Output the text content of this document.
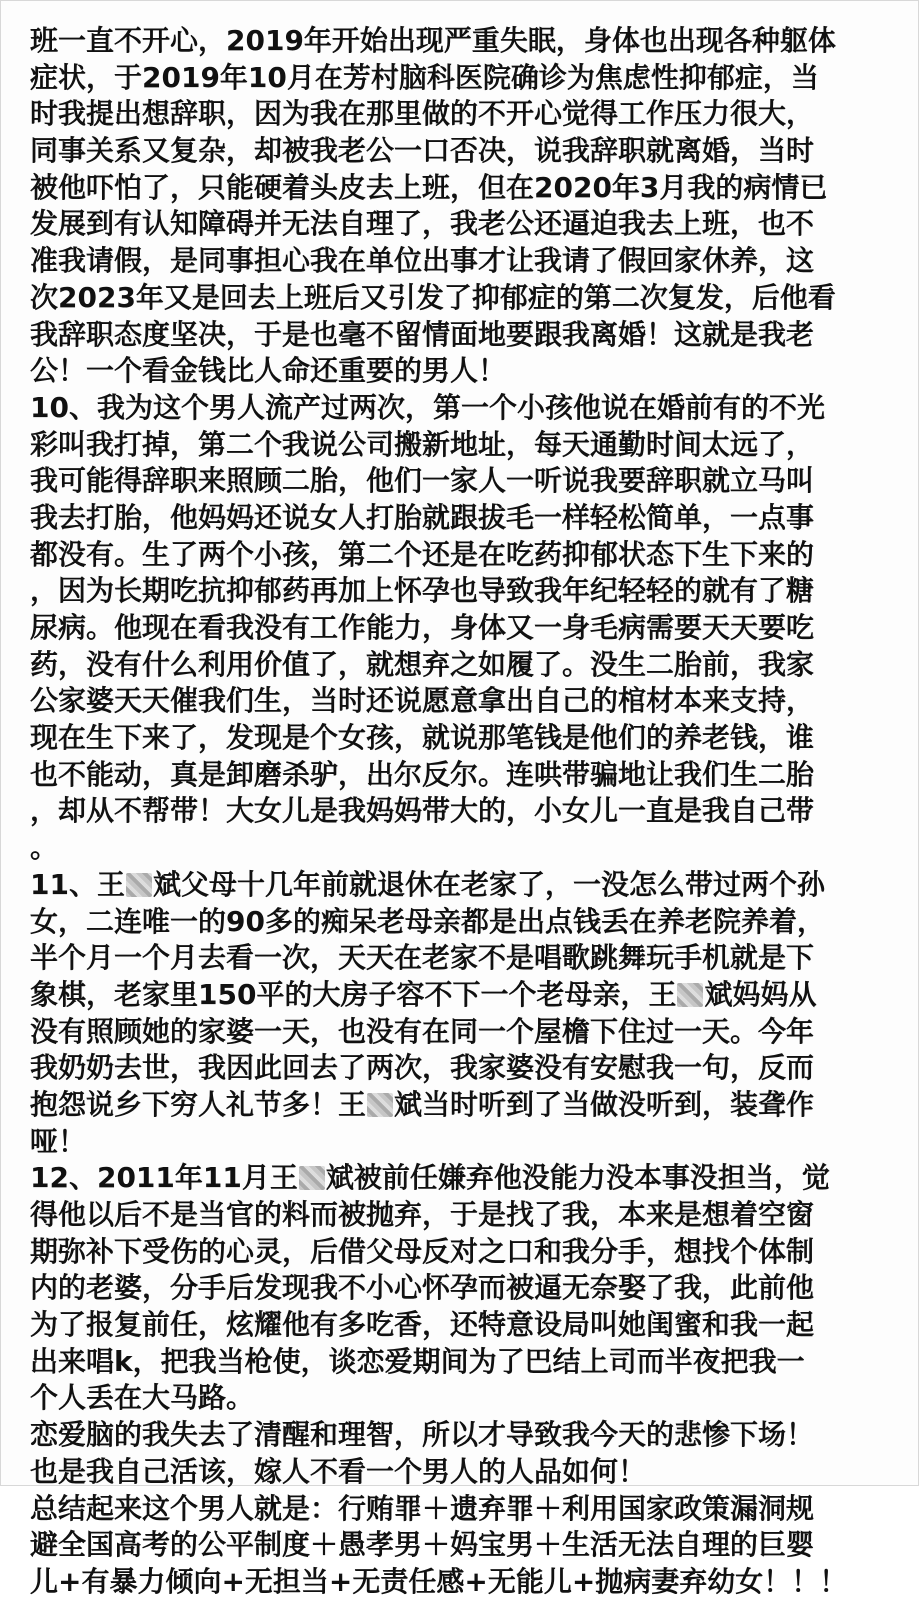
班一直不开心，2019年开始出现严重失眠，身体也出现各种躯体
症状，于2019年10月在芳村脑科医院确诊为焦虑性抑郁症，当
时我提出想辞职，因为我在那里做的不开心觉得工作压力很大，
同事关系又复杂，却被我老公一口否决，说我辞职就离婚，当时
被他吓怕了，只能硬着头皮去上班，但在2020年3月我的病情已
发展到有认知障碍并无法自理了，我老公还逼迫我去上班，也不
准我请假，是同事担心我在单位出事才让我请了假回家休养，这
次2023年又是回去上班后又引发了抑郁症的第二次复发，后他看
我辞职态度坚决，于是也毫不留情面地要跟我离婚！这就是我老
公！一个看金钱比人命还重要的男人！
10、我为这个男人流产过两次，第一个小孩他说在婚前有的不光
彩叫我打掉，第二个我说公司搬新地址，每天通勤时间太远了，
我可能得辞职来照顾二胎，他们一家人一听说我要辞职就立马叫
我去打胎，他妈妈还说女人打胎就跟拔毛一样轻松简单，一点事
都没有。生了两个小孩，第二个还是在吃药抑郁状态下生下来的
，因为长期吃抗抑郁药再加上怀孕也导致我年纪轻轻的就有了糖
尿病。他现在看我没有工作能力，身体又一身毛病需要天天要吃
药，没有什么利用价值了，就想弃之如履了。没生二胎前，我家
公家婆天天催我们生，当时还说愿意拿出自己的棺材本来支持，
现在生下来了，发现是个女孩，就说那笔钱是他们的养老钱，谁
也不能动，真是卸磨杀驴，出尔反尔。连哄带骗地让我们生二胎
，却从不帮带！大女儿是我妈妈带大的，小女儿一直是我自己带
。
11、王 斌父母十几年前就退休在老家了，一没怎么带过两个孙
女，二连唯一的90多的痴呆老母亲都是出点钱丢在养老院养着，
半个月一个月去看一次，天天在老家不是唱歌跳舞玩手机就是下
象棋，老家里150平的大房子容不下一个老母亲，王 斌妈妈从
没有照顾她的家婆一天，也没有在同一个屋檐下住过一天。今年
我奶奶去世，我因此回去了两次，我家婆没有安慰我一句，反而
抱怨说乡下穷人礼节多！王 斌当时听到了当做没听到，装聋作
哑！
12、2011年11月王 斌被前任嫌弃他没能力没本事没担当，觉
得他以后不是当官的料而被抛弃，于是找了我，本来是想着空窗
期弥补下受伤的心灵，后借父母反对之口和我分手，想找个体制
内的老婆，分手后发现我不小心怀孕而被逼无奈娶了我，此前他
为了报复前任，炫耀他有多吃香，还特意设局叫她闺蜜和我一起
出来唱k，把我当枪使，谈恋爱期间为了巴结上司而半夜把我一
个人丢在大马路。
恋爱脑的我失去了清醒和理智，所以才导致我今天的悲惨下场！
也是我自己活该，嫁人不看一个男人的人品如何！
总结起来这个男人就是：行贿罪＋遗弃罪＋利用国家政策漏洞规
避全国高考的公平制度＋愚孝男＋妈宝男＋生活无法自理的巨婴
儿+有暴力倾向+无担当+无责任感+无能儿+抛病妻弃幼女！！！
